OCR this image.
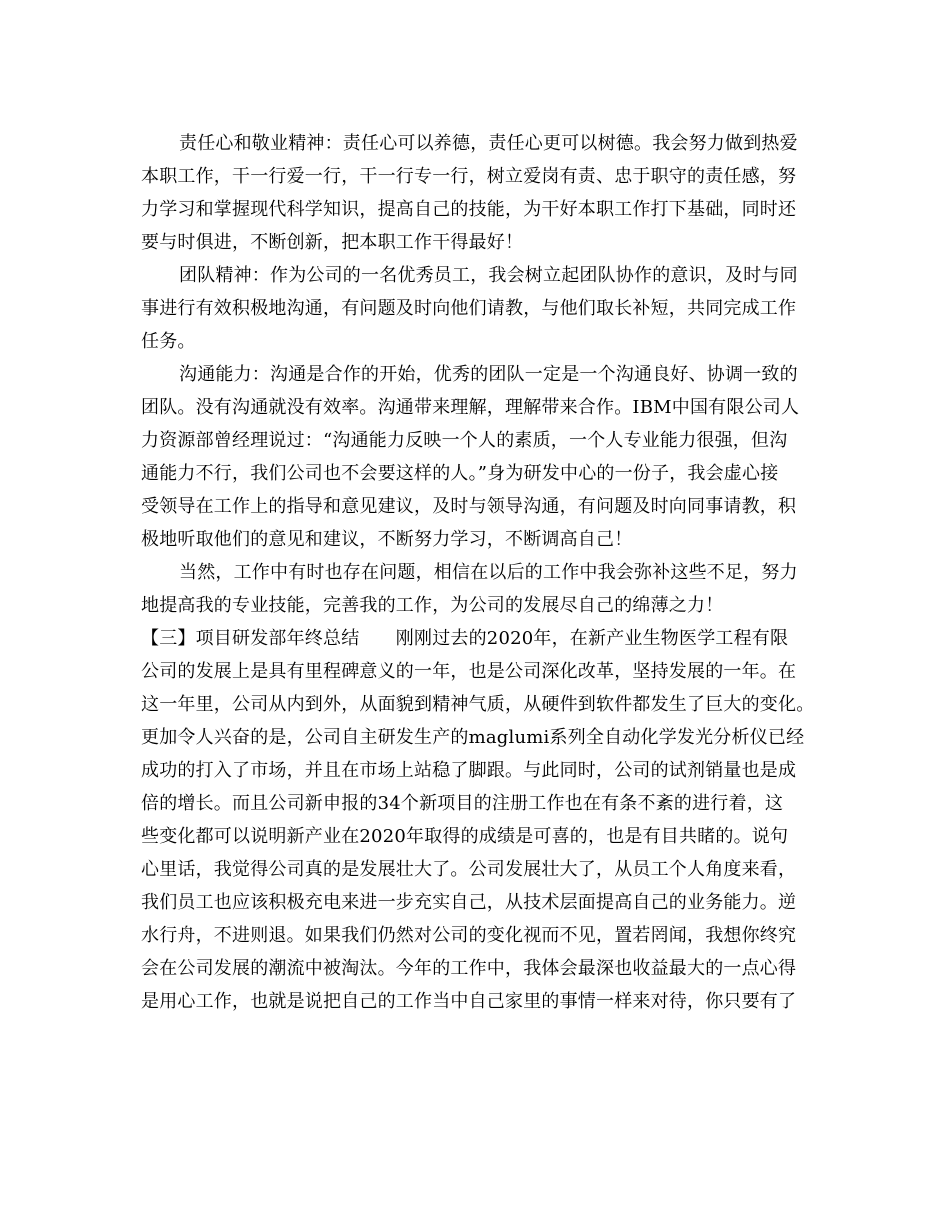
责任心和敬业精神：责任心可以养德，责任心更可以树德。我会努力做到热爱
本职工作，干一行爱一行，干一行专一行，树立爱岗有责、忠于职守的责任感，努
力学习和掌握现代科学知识，提高自己的技能，为干好本职工作打下基础，同时还
要与时俱进，不断创新，把本职工作干得最好！
团队精神：作为公司的一名优秀员工，我会树立起团队协作的意识，及时与同
事进行有效积极地沟通，有问题及时向他们请教，与他们取长补短，共同完成工作
任务。
沟通能力：沟通是合作的开始，优秀的团队一定是一个沟通良好、协调一致的
团队。没有沟通就没有效率。沟通带来理解，理解带来合作。IBM中国有限公司人
力资源部曾经理说过：“沟通能力反映一个人的素质，一个人专业能力很强，但沟
通能力不行，我们公司也不会要这样的人。”身为研发中心的一份子，我会虚心接
受领导在工作上的指导和意见建议，及时与领导沟通，有问题及时向同事请教，积
极地听取他们的意见和建议，不断努力学习，不断调高自己！
当然，工作中有时也存在问题，相信在以后的工作中我会弥补这些不足，努力
地提高我的专业技能，完善我的工作，为公司的发展尽自己的绵薄之力！
【三】项目研发部年终总结　　刚刚过去的2020年，在新产业生物医学工程有限
公司的发展上是具有里程碑意义的一年，也是公司深化改革，坚持发展的一年。在
这一年里，公司从内到外，从面貌到精神气质，从硬件到软件都发生了巨大的变化。
更加令人兴奋的是，公司自主研发生产的maglumi系列全自动化学发光分析仪已经
成功的打入了市场，并且在市场上站稳了脚跟。与此同时，公司的试剂销量也是成
倍的增长。而且公司新申报的34个新项目的注册工作也在有条不紊的进行着，这
些变化都可以说明新产业在2020年取得的成绩是可喜的，也是有目共睹的。说句
心里话，我觉得公司真的是发展壮大了。公司发展壮大了，从员工个人角度来看，
我们员工也应该积极充电来进一步充实自己，从技术层面提高自己的业务能力。逆
水行舟，不进则退。如果我们仍然对公司的变化视而不见，置若罔闻，我想你终究
会在公司发展的潮流中被淘汰。今年的工作中，我体会最深也收益最大的一点心得
是用心工作，也就是说把自己的工作当中自己家里的事情一样来对待，你只要有了
